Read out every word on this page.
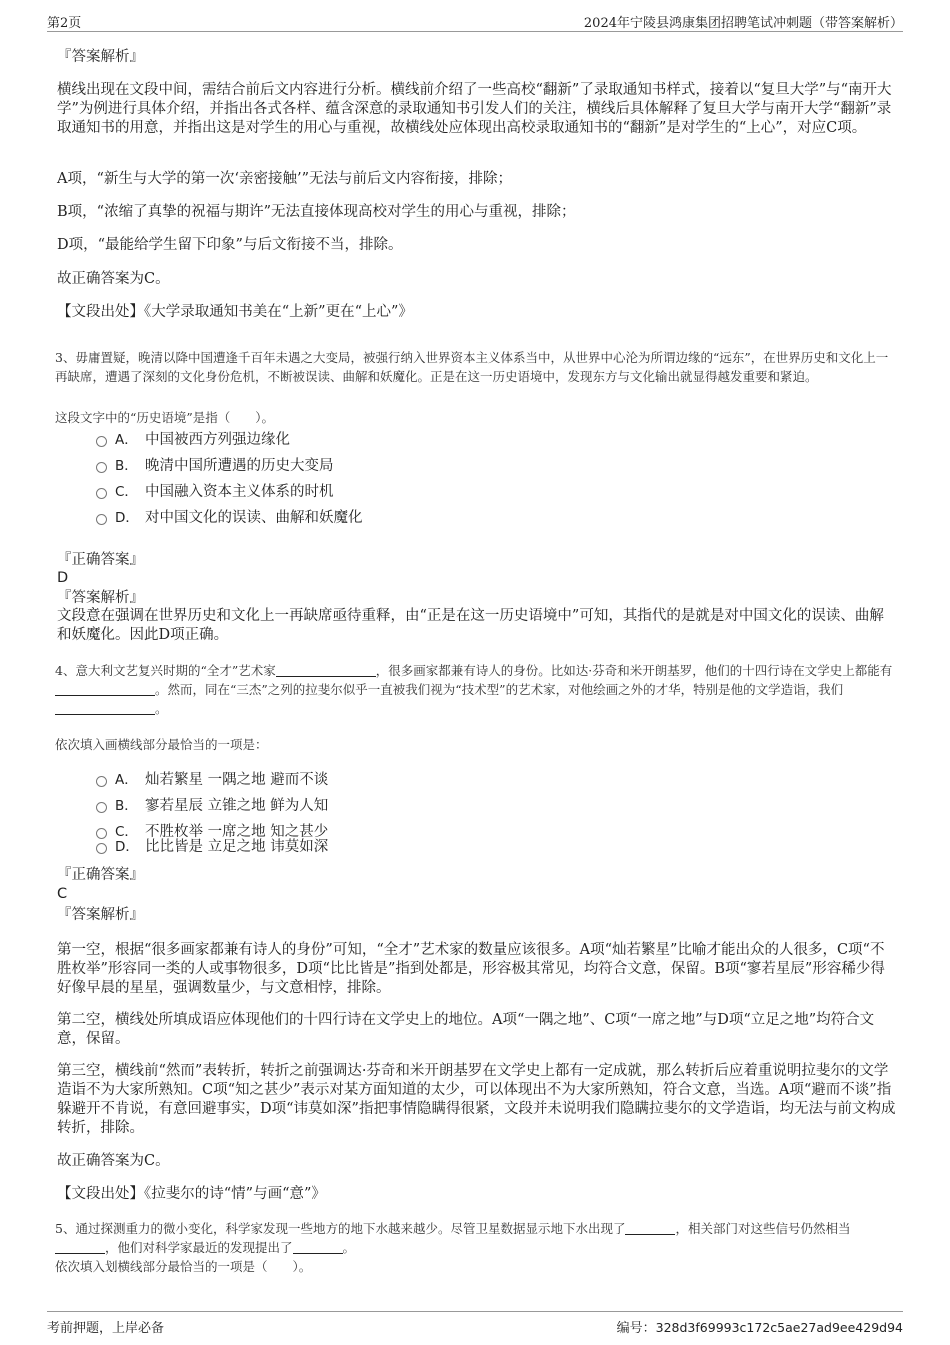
第2页	2024年宁陵县鸿康集团招聘笔试冲刺题（带答案解析）

『答案解析』

横线出现在文段中间，需结合前后文内容进行分析。横线前介绍了一些高校“翻新”了录取通知书样式，接着以“复旦大学”与“南开大学”为例进行具体介绍，并指出各式各样、蕴含深意的录取通知书引发人们的关注，横线后具体解释了复旦大学与南开大学“翻新”录取通知书的用意，并指出这是对学生的用心与重视，故横线处应体现出高校录取通知书的“翻新”是对学生的“上心”，对应C项。

A项，“新生与大学的第一次‘亲密接触’”无法与前后文内容衔接，排除；

B项，“浓缩了真挚的祝福与期许”无法直接体现高校对学生的用心与重视，排除；

D项，“最能给学生留下印象”与后文衔接不当，排除。

故正确答案为C。

【文段出处】《大学录取通知书美在“上新”更在“上心”》

3、毋庸置疑，晚清以降中国遭逢千百年未遇之大变局，被强行纳入世界资本主义体系当中，从世界中心沦为所谓边缘的“远东”，在世界历史和文化上一再缺席，遭遇了深刻的文化身份危机，不断被误读、曲解和妖魔化。正是在这一历史语境中，发现东方与文化输出就显得越发重要和紧迫。

这段文字中的“历史语境”是指（　　）。

A． 中国被西方列强边缘化
B． 晚清中国所遭遇的历史大变局
C． 中国融入资本主义体系的时机
D． 对中国文化的误读、曲解和妖魔化

『正确答案』

D

『答案解析』

文段意在强调在世界历史和文化上一再缺席亟待重释，由“正是在这一历史语境中”可知，其指代的是就是对中国文化的误读、曲解和妖魔化。因此D项正确。

4、意大利文艺复兴时期的“全才”艺术家	，很多画家都兼有诗人的身份。比如达·芬奇和米开朗基罗，他们的十四行诗在文学史上都能有。然而，同在“三杰”之列的拉斐尔似乎一直被我们视为“技术型”的艺术家，对他绘画之外的才华，特别是他的文学造诣，我们。

依次填入画横线部分最恰当的一项是：

A． 灿若繁星 一隅之地 避而不谈
B． 寥若星辰 立锥之地 鲜为人知
C． 不胜枚举 一席之地 知之甚少
D． 比比皆是 立足之地 讳莫如深

『正确答案』

C

『答案解析』

第一空，根据“很多画家都兼有诗人的身份”可知，“全才”艺术家的数量应该很多。A项“灿若繁星”比喻才能出众的人很多，C项“不胜枚举”形容同一类的人或事物很多，D项“比比皆是”指到处都是，形容极其常见，均符合文意，保留。B项“寥若星辰”形容稀少得好像早晨的星星，强调数量少，与文意相悖，排除。

第二空，横线处所填成语应体现他们的十四行诗在文学史上的地位。A项“一隅之地”、C项“一席之地”与D项“立足之地”均符合文意，保留。

第三空，横线前“然而”表转折，转折之前强调达·芬奇和米开朗基罗在文学史上都有一定成就，那么转折后应着重说明拉斐尔的文学造诣不为大家所熟知。C项“知之甚少”表示对某方面知道的太少，可以体现出不为大家所熟知，符合文意，当选。A项“避而不谈”指躲避开不肯说，有意回避事实，D项“讳莫如深”指把事情隐瞒得很紧，文段并未说明我们隐瞒拉斐尔的文学造诣，均无法与前文构成转折，排除。

故正确答案为C。

【文段出处】《拉斐尔的诗“情”与画“意”》

5、通过探测重力的微小变化，科学家发现一些地方的地下水越来越少。尽管卫星数据显示地下水出现了	，相关部门对这些信号仍然相当，他们对科学家最近的发现提出了	。

依次填入划横线部分最恰当的一项是（　　）。

考前押题，上岸必备	编号：328d3f69993c172c5ae27ad9ee429d94
